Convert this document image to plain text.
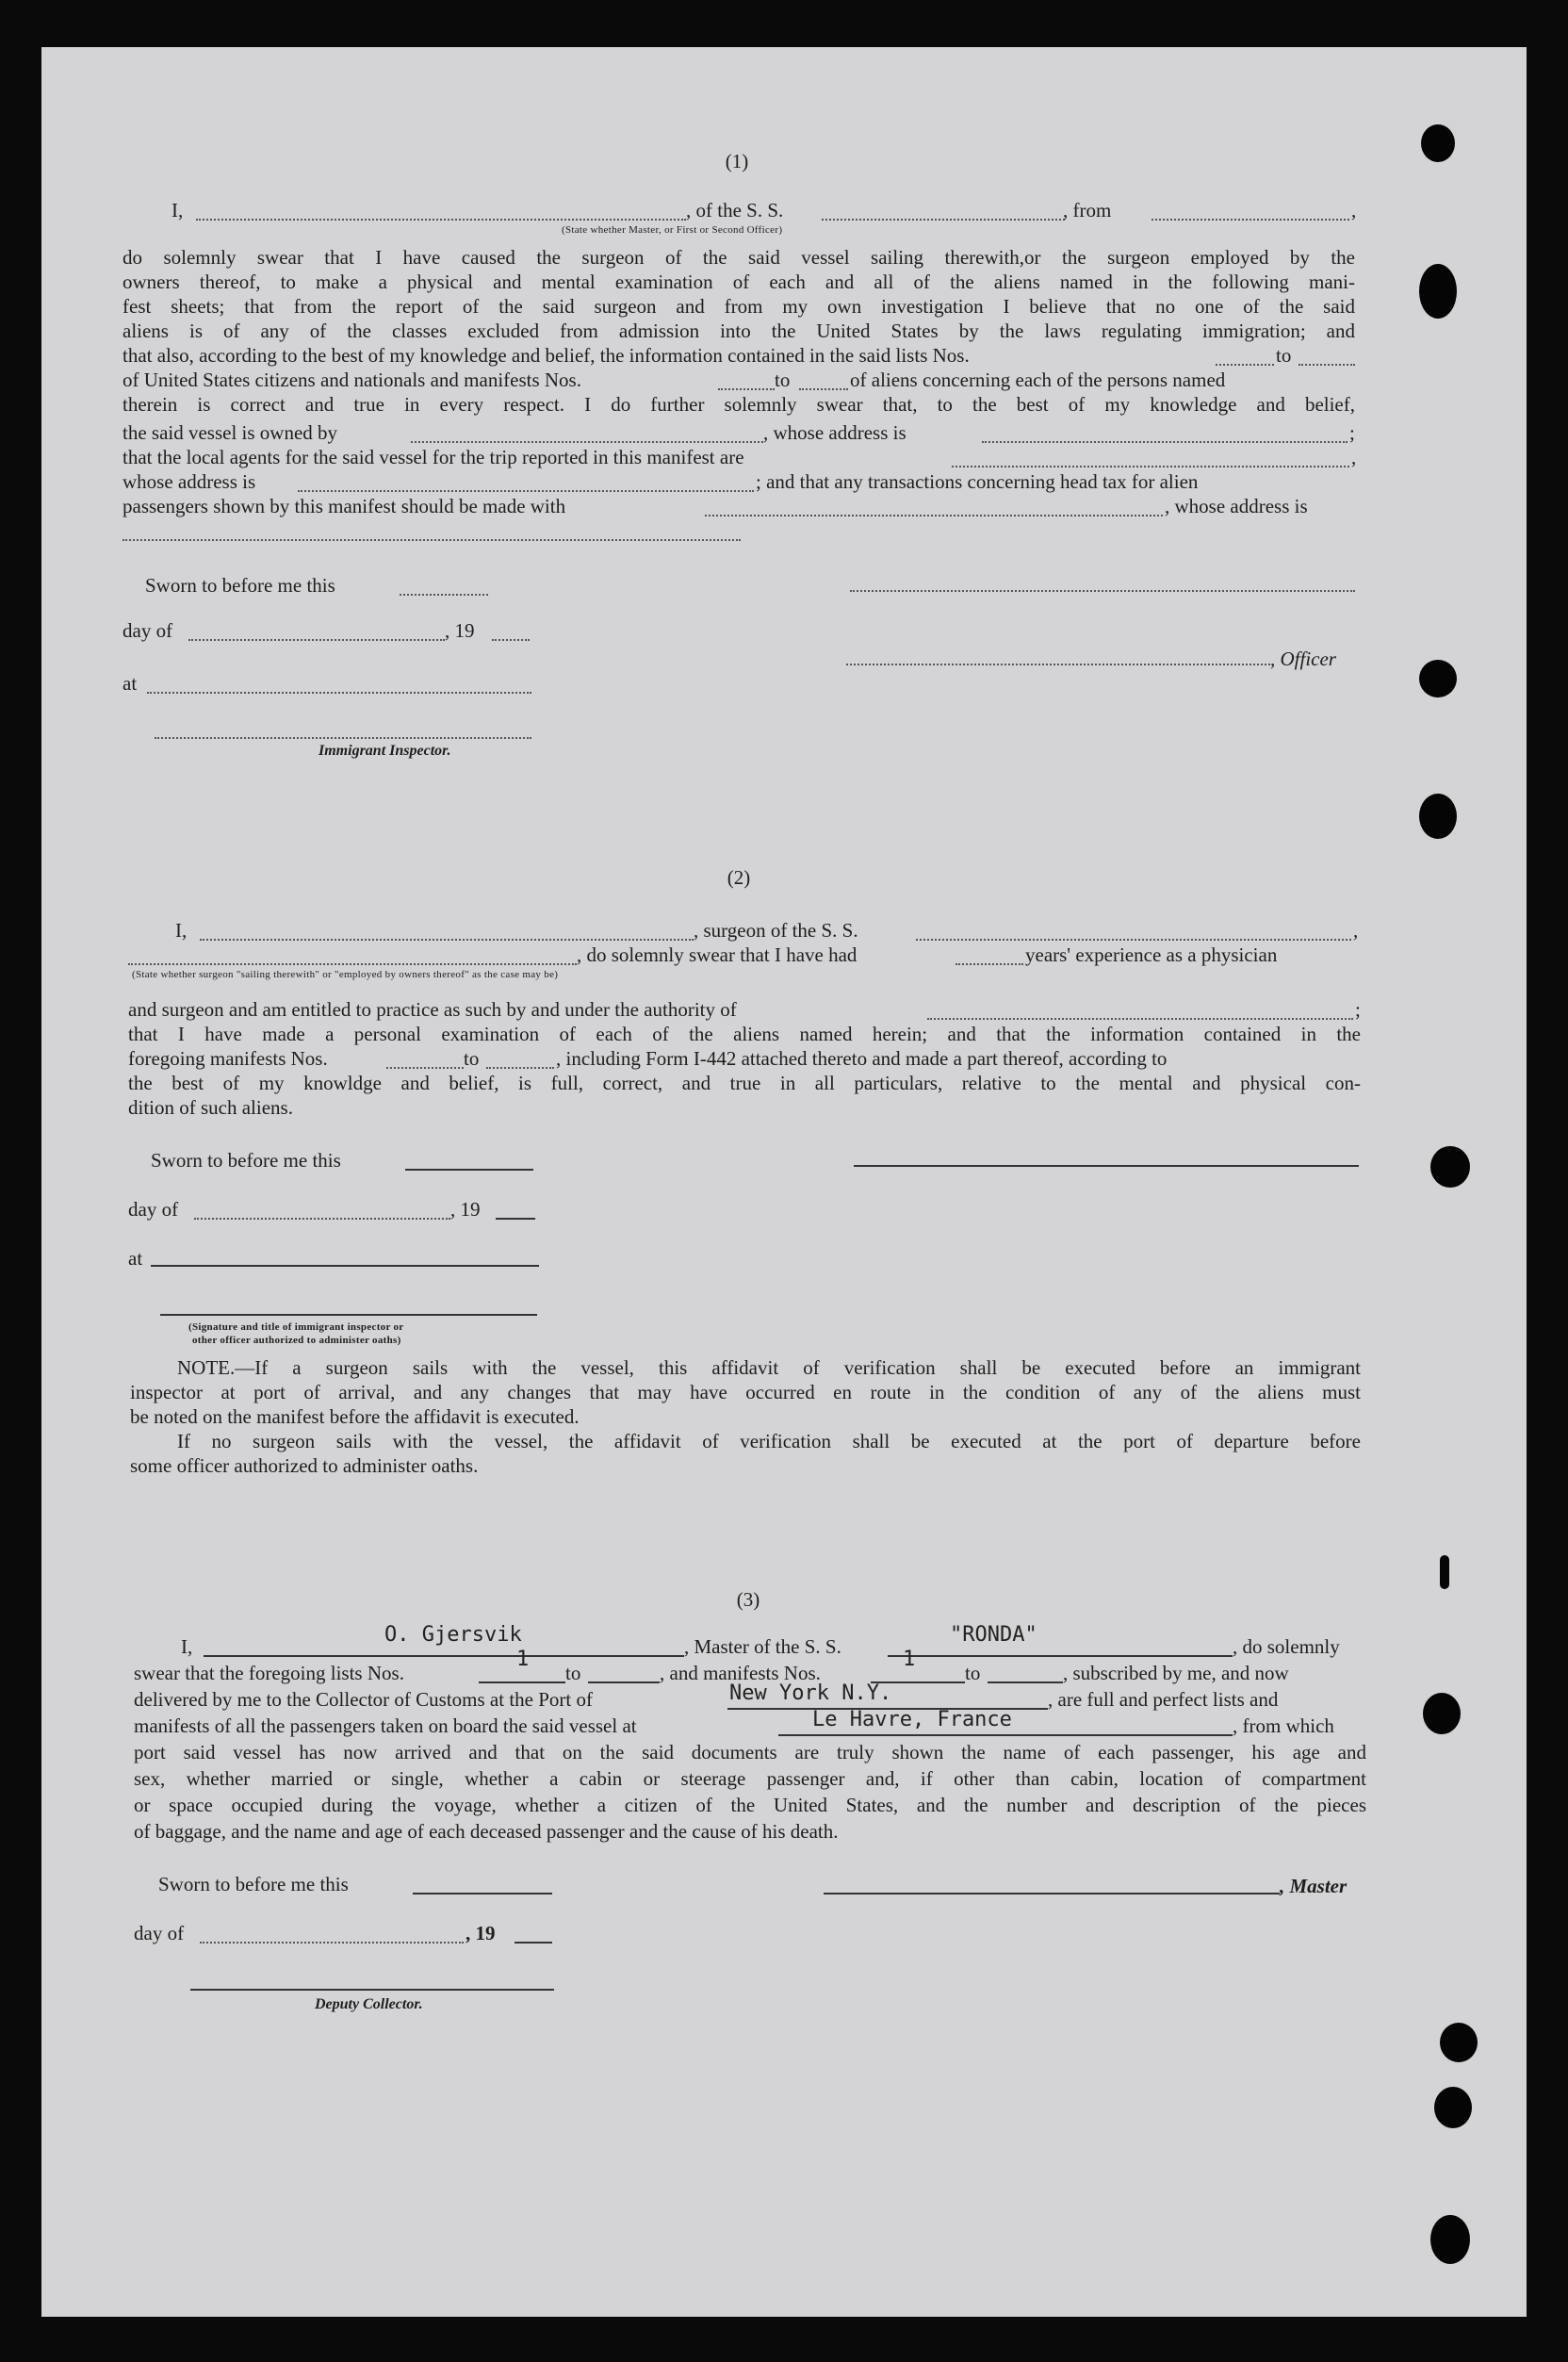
(1)
I,	, of the S. S.	, from	,
(State whether Master, or First or Second Officer)
do solemnly swear that I have caused the surgeon of the said vessel sailing therewith,or the surgeon employed by the
owners thereof, to make a physical and mental examination of each and all of the aliens named in the following mani-
fest sheets; that from the report of the said surgeon and from my own investigation I believe that no one of the said
aliens is of any of the classes excluded from admission into the United States by the laws regulating immigration; and
that also, according to the best of my knowledge and belief, the information contained in the said lists Nos.	to
of United States citizens and nationals and manifests Nos.	to	of aliens concerning each of the persons named
therein is correct and true in every respect. I do further solemnly swear that, to the best of my knowledge and belief,
the said vessel is owned by	, whose address is	;
that the local agents for the said vessel for the trip reported in this manifest are	,
whose address is	; and that any transactions concerning head tax for alien
passengers shown by this manifest should be made with	, whose address is
Sworn to before me this
day of	, 19
, Officer
at
Immigrant Inspector.
(2)
I,	, surgeon of the S. S.	,
, do solemnly swear that I have had	years' experience as a physician
(State whether surgeon "sailing therewith" or "employed by owners thereof" as the case may be)
and surgeon and am entitled to practice as such by and under the authority of	;
that I have made a personal examination of each of the aliens named herein; and that the information contained in the
foregoing manifests Nos.	to	, including Form I-442 attached thereto and made a part thereof, according to
the best of my knowldge and belief, is full, correct, and true in all particulars, relative to the mental and physical con-
dition of such aliens.
Sworn to before me this
day of	, 19
at
(Signature and title of immigrant inspector or
other officer authorized to administer oaths)
NOTE.—If a surgeon sails with the vessel, this affidavit of verification shall be executed before an immigrant
inspector at port of arrival, and any changes that may have occurred en route in the condition of any of the aliens must
be noted on the manifest before the affidavit is executed.
If no surgeon sails with the vessel, the affidavit of verification shall be executed at the port of departure before
some officer authorized to administer oaths.
(3)
I,	O. Gjersvik	, Master of the S. S.	"RONDA"	, do solemnly
swear that the foregoing lists Nos.
1
to	, and manifests Nos.
1
to	, subscribed by me, and now
delivered by me to the Collector of Customs at the Port of	New York N.Y.	, are full and perfect lists and
manifests of all the passengers taken on board the said vessel at	Le Havre, France	, from which
port said vessel has now arrived and that on the said documents are truly shown the name of each passenger, his age and
sex, whether married or single, whether a cabin or steerage passenger and, if other than cabin, location of compartment
or space occupied during the voyage, whether a citizen of the United States, and the number and description of the pieces
of baggage, and the name and age of each deceased passenger and the cause of his death.
Sworn to before me this	, Master
day of	, 19
Deputy Collector.
